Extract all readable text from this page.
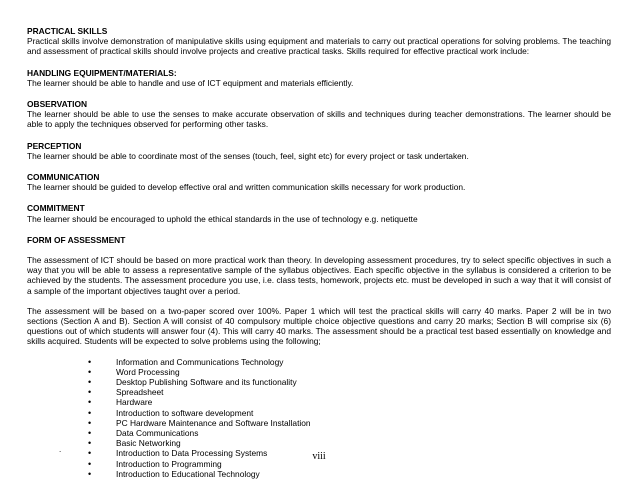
PRACTICAL SKILLS
Practical skills involve demonstration of manipulative skills using equipment and materials to carry out practical operations for solving problems. The teaching and assessment of practical skills should involve projects and creative practical tasks. Skills required for effective practical work include:
HANDLING EQUIPMENT/MATERIALS:
The learner should be able to handle and use of ICT equipment and materials efficiently.
OBSERVATION
The learner should be able to use the senses to make accurate observation of skills and techniques during teacher demonstrations. The learner should be able to apply the techniques observed for performing other tasks.
PERCEPTION
The learner should be able to coordinate most of the senses (touch, feel, sight etc) for every project or task undertaken.
COMMUNICATION
The learner should be guided to develop effective oral and written communication skills necessary for work production.
COMMITMENT
The learner should be encouraged to uphold the ethical standards in the use of technology e.g. netiquette
FORM OF ASSESSMENT
The assessment of ICT should be based on more practical work than theory. In developing assessment procedures, try to select specific objectives in such a way that you will be able to assess a representative sample of the syllabus objectives. Each specific objective in the syllabus is considered a criterion to be achieved by the students. The assessment procedure you use, i.e. class tests, homework, projects etc. must be developed in such a way that it will consist of a sample of the important objectives taught over a period.
The assessment will be based on a two-paper scored over 100%. Paper 1 which will test the practical skills will carry 40 marks. Paper 2 will be in two sections (Section A and B). Section A will consist of 40 compulsory multiple choice objective questions and carry 20 marks; Section B will comprise six (6) questions out of which students will answer four (4). This will carry 40 marks. The assessment should be a practical test based essentially on knowledge and skills acquired. Students will be expected to solve problems using the following;
• Information and Communications Technology
• Word Processing
• Desktop Publishing Software and its functionality
• Spreadsheet
• Hardware
• Introduction to software development
• PC Hardware Maintenance and Software Installation
• Data Communications
• Basic Networking
• Introduction to Data Processing Systems
• Introduction to Programming
• Introduction to Educational Technology
.
viii
